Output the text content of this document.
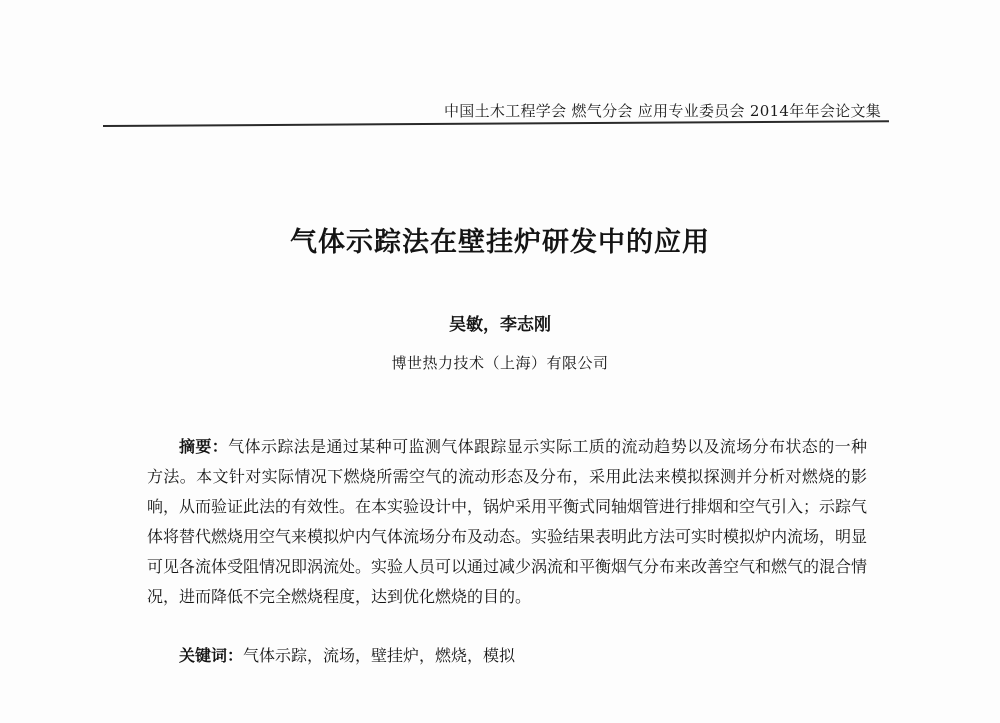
中国土木工程学会 燃气分会 应用专业委员会 2014年年会论文集
气体示踪法在壁挂炉研发中的应用
吴敏，李志刚
博世热力技术（上海）有限公司

摘要：气体示踪法是通过某种可监测气体跟踪显示实际工质的流动趋势以及流场分布状态的一种方法。本文针对实际情况下燃烧所需空气的流动形态及分布，采用此法来模拟探测并分析对燃烧的影响，从而验证此法的有效性。在本实验设计中，锅炉采用平衡式同轴烟管进行排烟和空气引入；示踪气体将替代燃烧用空气来模拟炉内气体流场分布及动态。实验结果表明此方法可实时模拟炉内流场，明显可见各流体受阻情况即涡流处。实验人员可以通过减少涡流和平衡烟气分布来改善空气和燃气的混合情况，进而降低不完全燃烧程度，达到优化燃烧的目的。

关键词：气体示踪，流场，壁挂炉，燃烧，模拟
